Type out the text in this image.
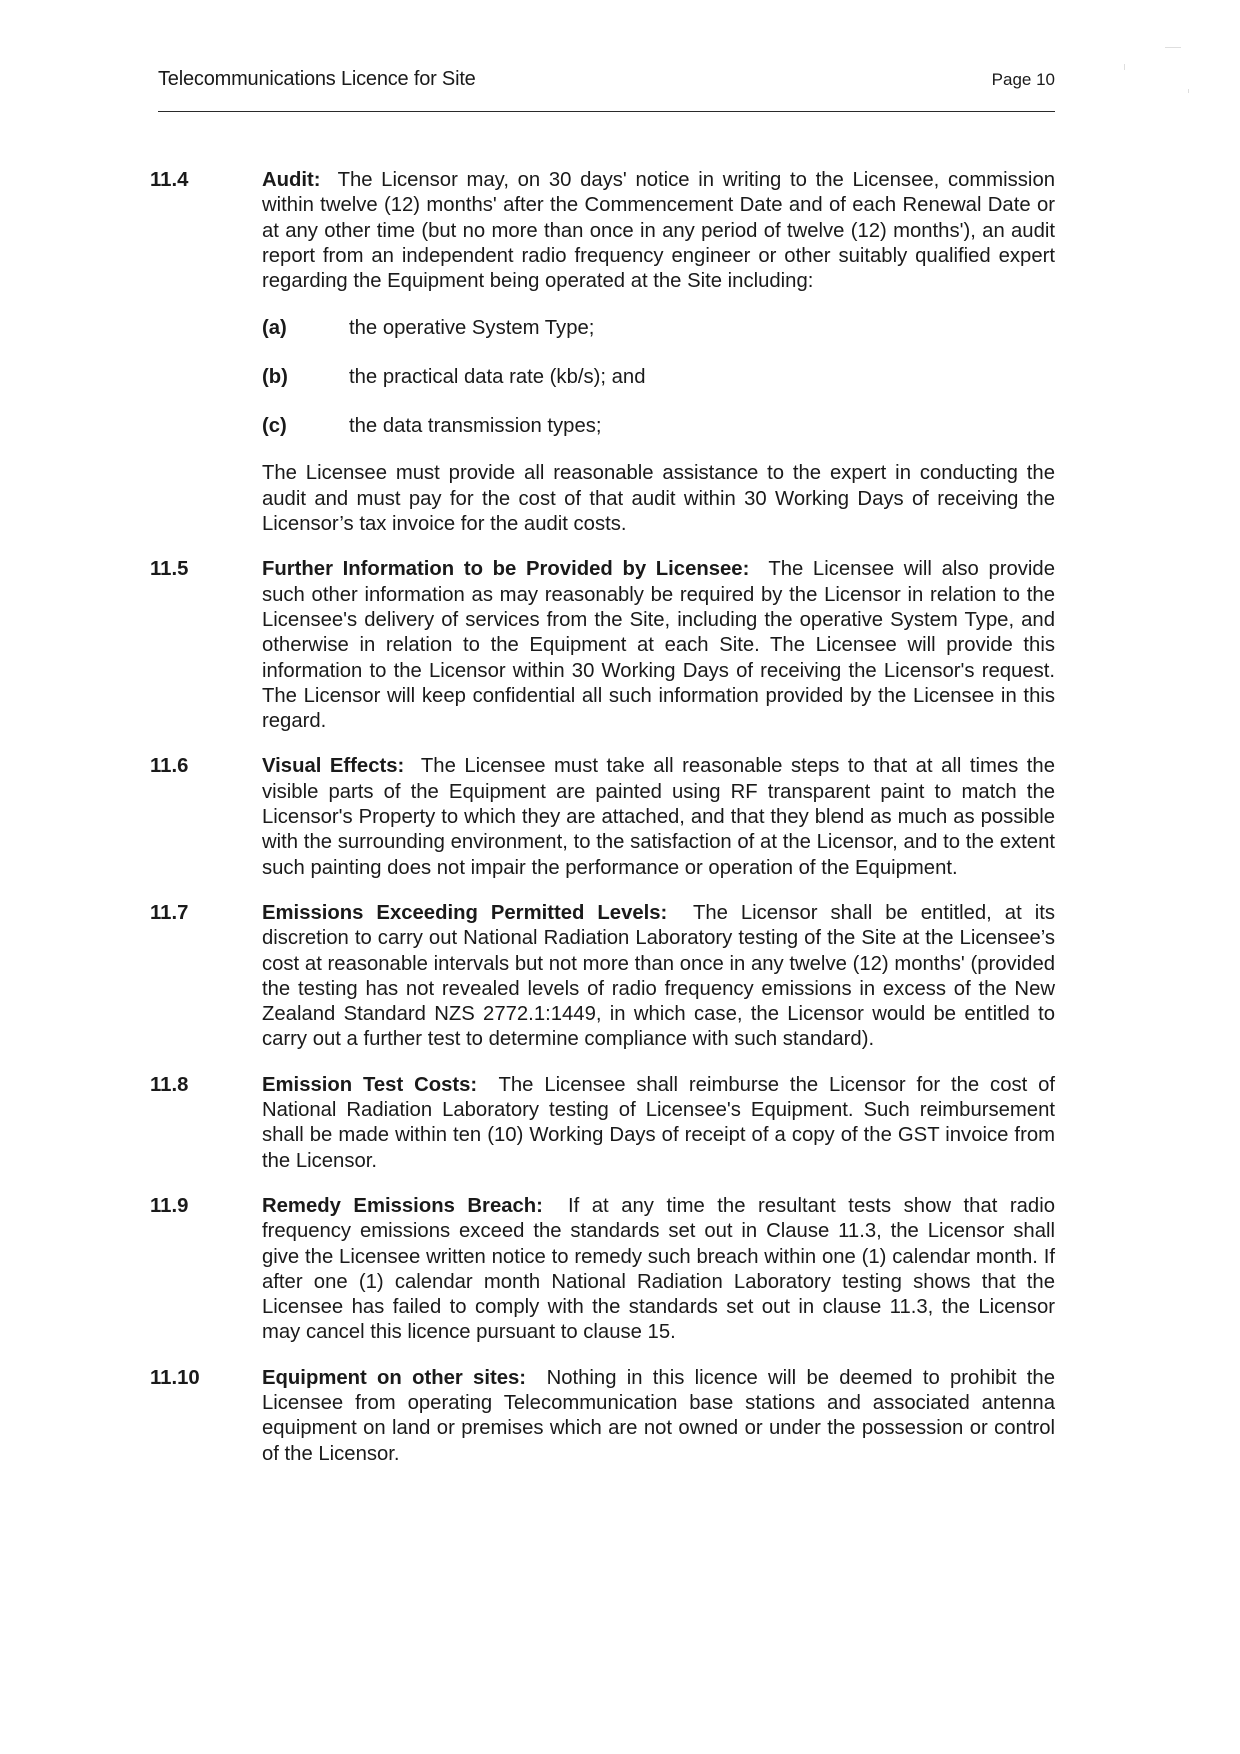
Telecommunications Licence for Site	Page 10
11.4	Audit: The Licensor may, on 30 days' notice in writing to the Licensee, commission within twelve (12) months' after the Commencement Date and of each Renewal Date or at any other time (but no more than once in any period of twelve (12) months'), an audit report from an independent radio frequency engineer or other suitably qualified expert regarding the Equipment being operated at the Site including:
(a)	the operative System Type;
(b)	the practical data rate (kb/s); and
(c)	the data transmission types;
The Licensee must provide all reasonable assistance to the expert in conducting the audit and must pay for the cost of that audit within 30 Working Days of receiving the Licensor’s tax invoice for the audit costs.
11.5	Further Information to be Provided by Licensee: The Licensee will also provide such other information as may reasonably be required by the Licensor in relation to the Licensee's delivery of services from the Site, including the operative System Type, and otherwise in relation to the Equipment at each Site. The Licensee will provide this information to the Licensor within 30 Working Days of receiving the Licensor's request. The Licensor will keep confidential all such information provided by the Licensee in this regard.
11.6	Visual Effects: The Licensee must take all reasonable steps to that at all times the visible parts of the Equipment are painted using RF transparent paint to match the Licensor's Property to which they are attached, and that they blend as much as possible with the surrounding environment, to the satisfaction of at the Licensor, and to the extent such painting does not impair the performance or operation of the Equipment.
11.7	Emissions Exceeding Permitted Levels: The Licensor shall be entitled, at its discretion to carry out National Radiation Laboratory testing of the Site at the Licensee’s cost at reasonable intervals but not more than once in any twelve (12) months' (provided the testing has not revealed levels of radio frequency emissions in excess of the New Zealand Standard NZS 2772.1:1449, in which case, the Licensor would be entitled to carry out a further test to determine compliance with such standard).
11.8	Emission Test Costs: The Licensee shall reimburse the Licensor for the cost of National Radiation Laboratory testing of Licensee's Equipment. Such reimbursement shall be made within ten (10) Working Days of receipt of a copy of the GST invoice from the Licensor.
11.9	Remedy Emissions Breach: If at any time the resultant tests show that radio frequency emissions exceed the standards set out in Clause 11.3, the Licensor shall give the Licensee written notice to remedy such breach within one (1) calendar month. If after one (1) calendar month National Radiation Laboratory testing shows that the Licensee has failed to comply with the standards set out in clause 11.3, the Licensor may cancel this licence pursuant to clause 15.
11.10	Equipment on other sites: Nothing in this licence will be deemed to prohibit the Licensee from operating Telecommunication base stations and associated antenna equipment on land or premises which are not owned or under the possession or control of the Licensor.
